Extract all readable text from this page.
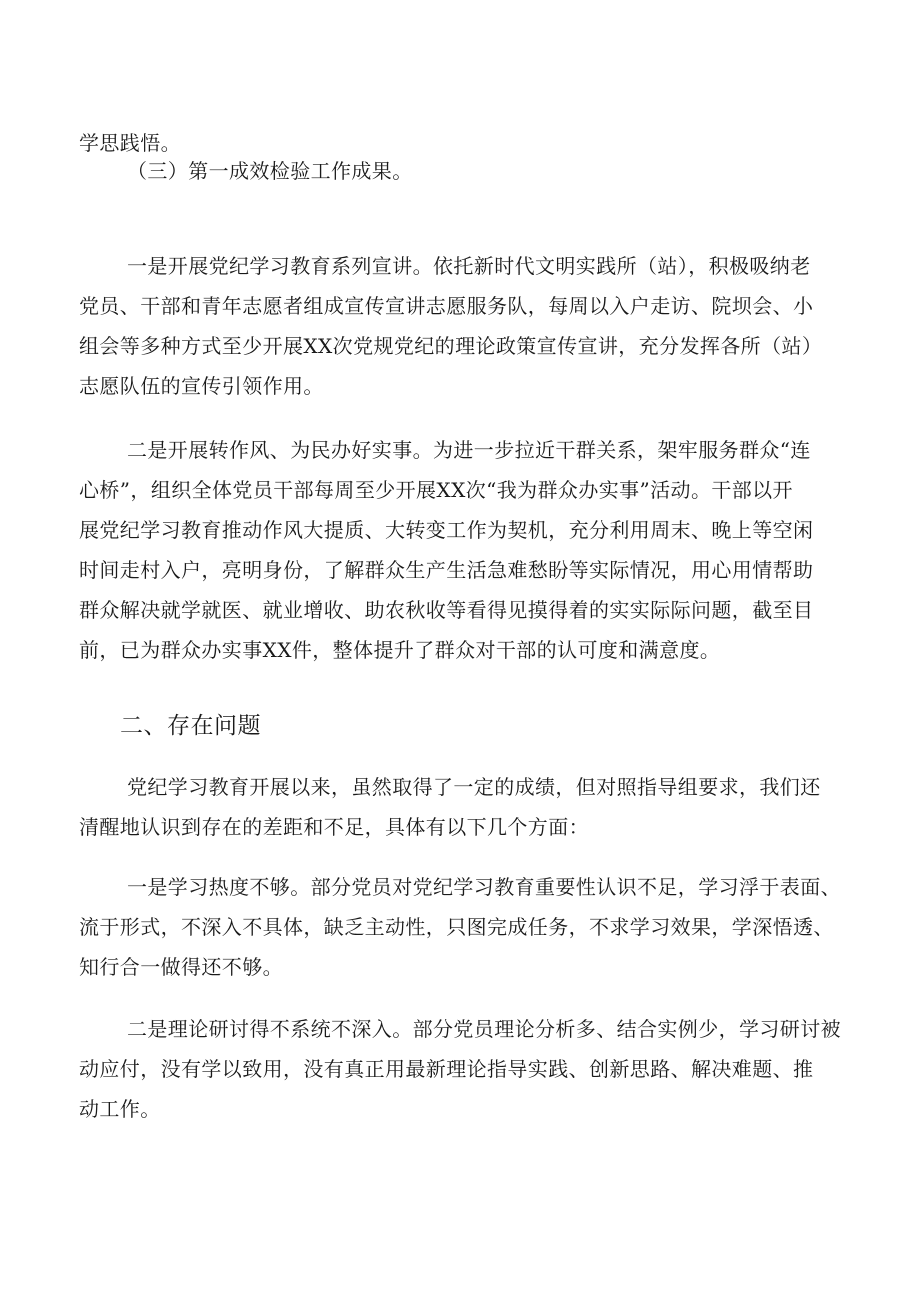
学思践悟。
（三）第一成效检验工作成果。
一是开展党纪学习教育系列宣讲。依托新时代文明实践所（站），积极吸纳老
党员、干部和青年志愿者组成宣传宣讲志愿服务队，每周以入户走访、院坝会、小
组会等多种方式至少开展XX次党规党纪的理论政策宣传宣讲，充分发挥各所（站）
志愿队伍的宣传引领作用。
二是开展转作风、为民办好实事。为进一步拉近干群关系，架牢服务群众“连
心桥”，组织全体党员干部每周至少开展XX次“我为群众办实事”活动。干部以开
展党纪学习教育推动作风大提质、大转变工作为契机，充分利用周末、晚上等空闲
时间走村入户，亮明身份，了解群众生产生活急难愁盼等实际情况，用心用情帮助
群众解决就学就医、就业增收、助农秋收等看得见摸得着的实实际际问题，截至目
前，已为群众办实事XX件，整体提升了群众对干部的认可度和满意度。
二、存在问题
党纪学习教育开展以来，虽然取得了一定的成绩，但对照指导组要求，我们还
清醒地认识到存在的差距和不足，具体有以下几个方面：
一是学习热度不够。部分党员对党纪学习教育重要性认识不足，学习浮于表面、
流于形式，不深入不具体，缺乏主动性，只图完成任务，不求学习效果，学深悟透、
知行合一做得还不够。
二是理论研讨得不系统不深入。部分党员理论分析多、结合实例少，学习研讨被
动应付，没有学以致用，没有真正用最新理论指导实践、创新思路、解决难题、推
动工作。
